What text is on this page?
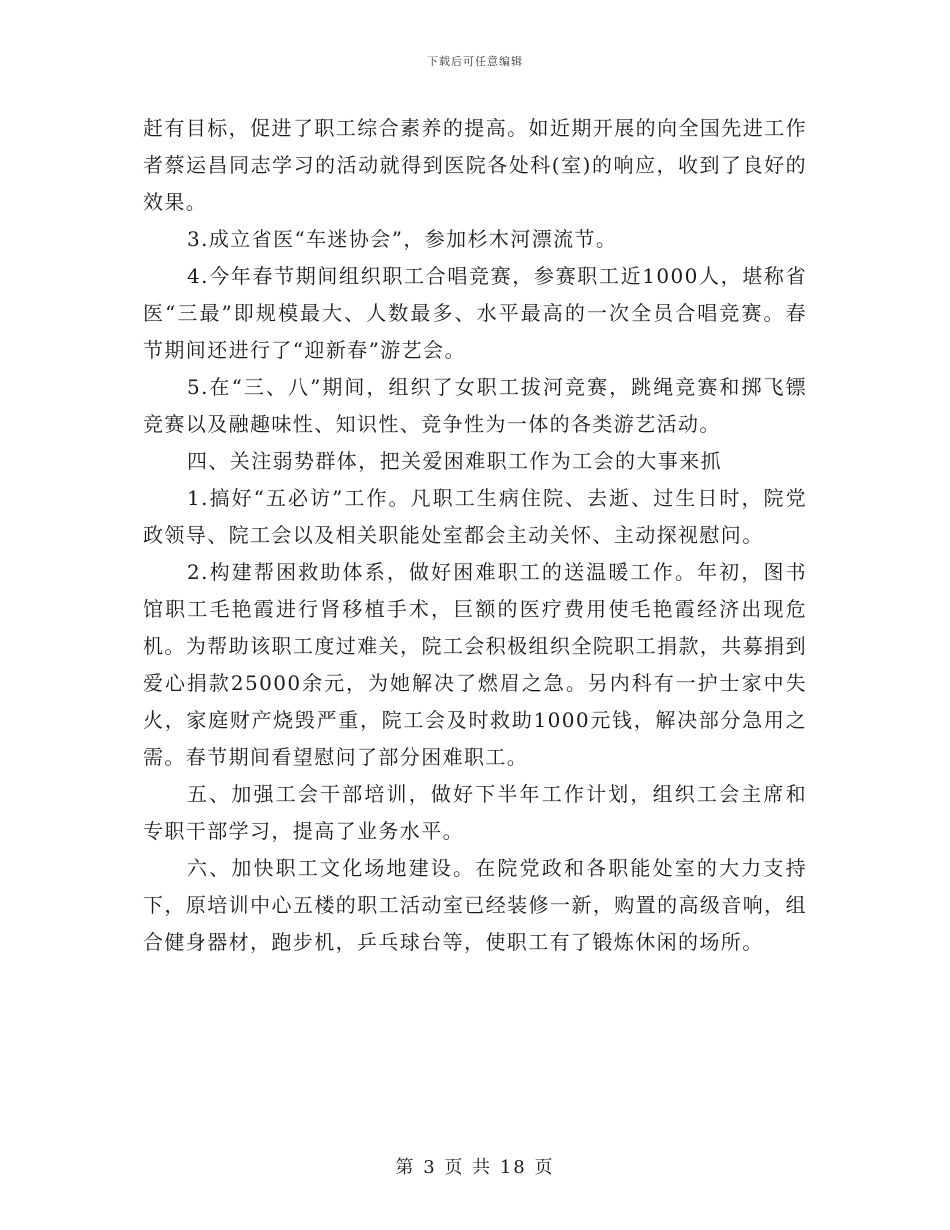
下载后可任意编辑

赶有目标，促进了职工综合素养的提高。如近期开展的向全国先进工作者蔡运昌同志学习的活动就得到医院各处科(室)的响应，收到了良好的效果。

3.成立省医“车迷协会”，参加杉木河漂流节。

4.今年春节期间组织职工合唱竞赛，参赛职工近1000人，堪称省医“三最”即规模最大、人数最多、水平最高的一次全员合唱竞赛。春节期间还进行了“迎新春”游艺会。

5.在“三、八”期间，组织了女职工拔河竞赛，跳绳竞赛和掷飞镖竞赛以及融趣味性、知识性、竞争性为一体的各类游艺活动。

四、关注弱势群体，把关爱困难职工作为工会的大事来抓

1.搞好“五必访”工作。凡职工生病住院、去逝、过生日时，院党政领导、院工会以及相关职能处室都会主动关怀、主动探视慰问。

2.构建帮困救助体系，做好困难职工的送温暖工作。年初，图书馆职工毛艳霞进行肾移植手术，巨额的医疗费用使毛艳霞经济出现危机。为帮助该职工度过难关，院工会积极组织全院职工捐款，共募捐到爱心捐款25000余元，为她解决了燃眉之急。另内科有一护士家中失火，家庭财产烧毁严重，院工会及时救助1000元钱，解决部分急用之需。春节期间看望慰问了部分困难职工。

五、加强工会干部培训，做好下半年工作计划，组织工会主席和专职干部学习，提高了业务水平。

六、加快职工文化场地建设。在院党政和各职能处室的大力支持下，原培训中心五楼的职工活动室已经装修一新，购置的高级音响，组合健身器材，跑步机，乒乓球台等，使职工有了锻炼休闲的场所。

第 3 页 共 18 页
